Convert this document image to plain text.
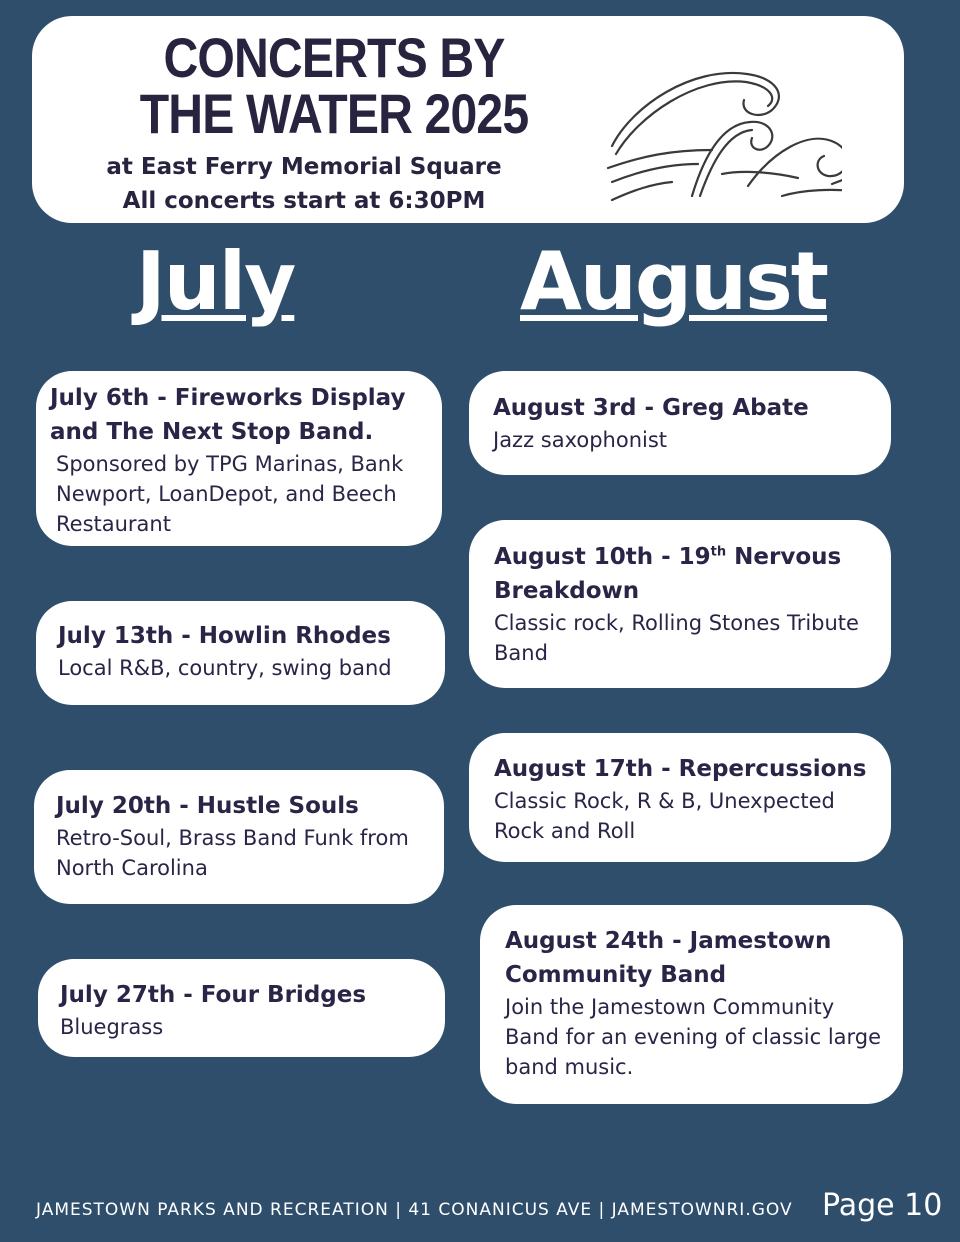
CONCERTS BY THE WATER 2025
at East Ferry Memorial Square
All concerts start at 6:30PM
July	August
July 6th - Fireworks Display and The Next Stop Band.
Sponsored by TPG Marinas, Bank Newport, LoanDepot, and Beech Restaurant
July 13th - Howlin Rhodes
Local R&B, country, swing band
July 20th - Hustle Souls
Retro-Soul, Brass Band Funk from North Carolina
July 27th - Four Bridges
Bluegrass
August 3rd - Greg Abate
Jazz saxophonist
August 10th - 19th Nervous Breakdown
Classic rock, Rolling Stones Tribute Band
August 17th - Repercussions
Classic Rock, R & B, Unexpected Rock and Roll
August 24th - Jamestown Community Band
Join the Jamestown Community Band for an evening of classic large band music.
JAMESTOWN PARKS AND RECREATION | 41 CONANICUS AVE | JAMESTOWNRI.GOV Page 10
